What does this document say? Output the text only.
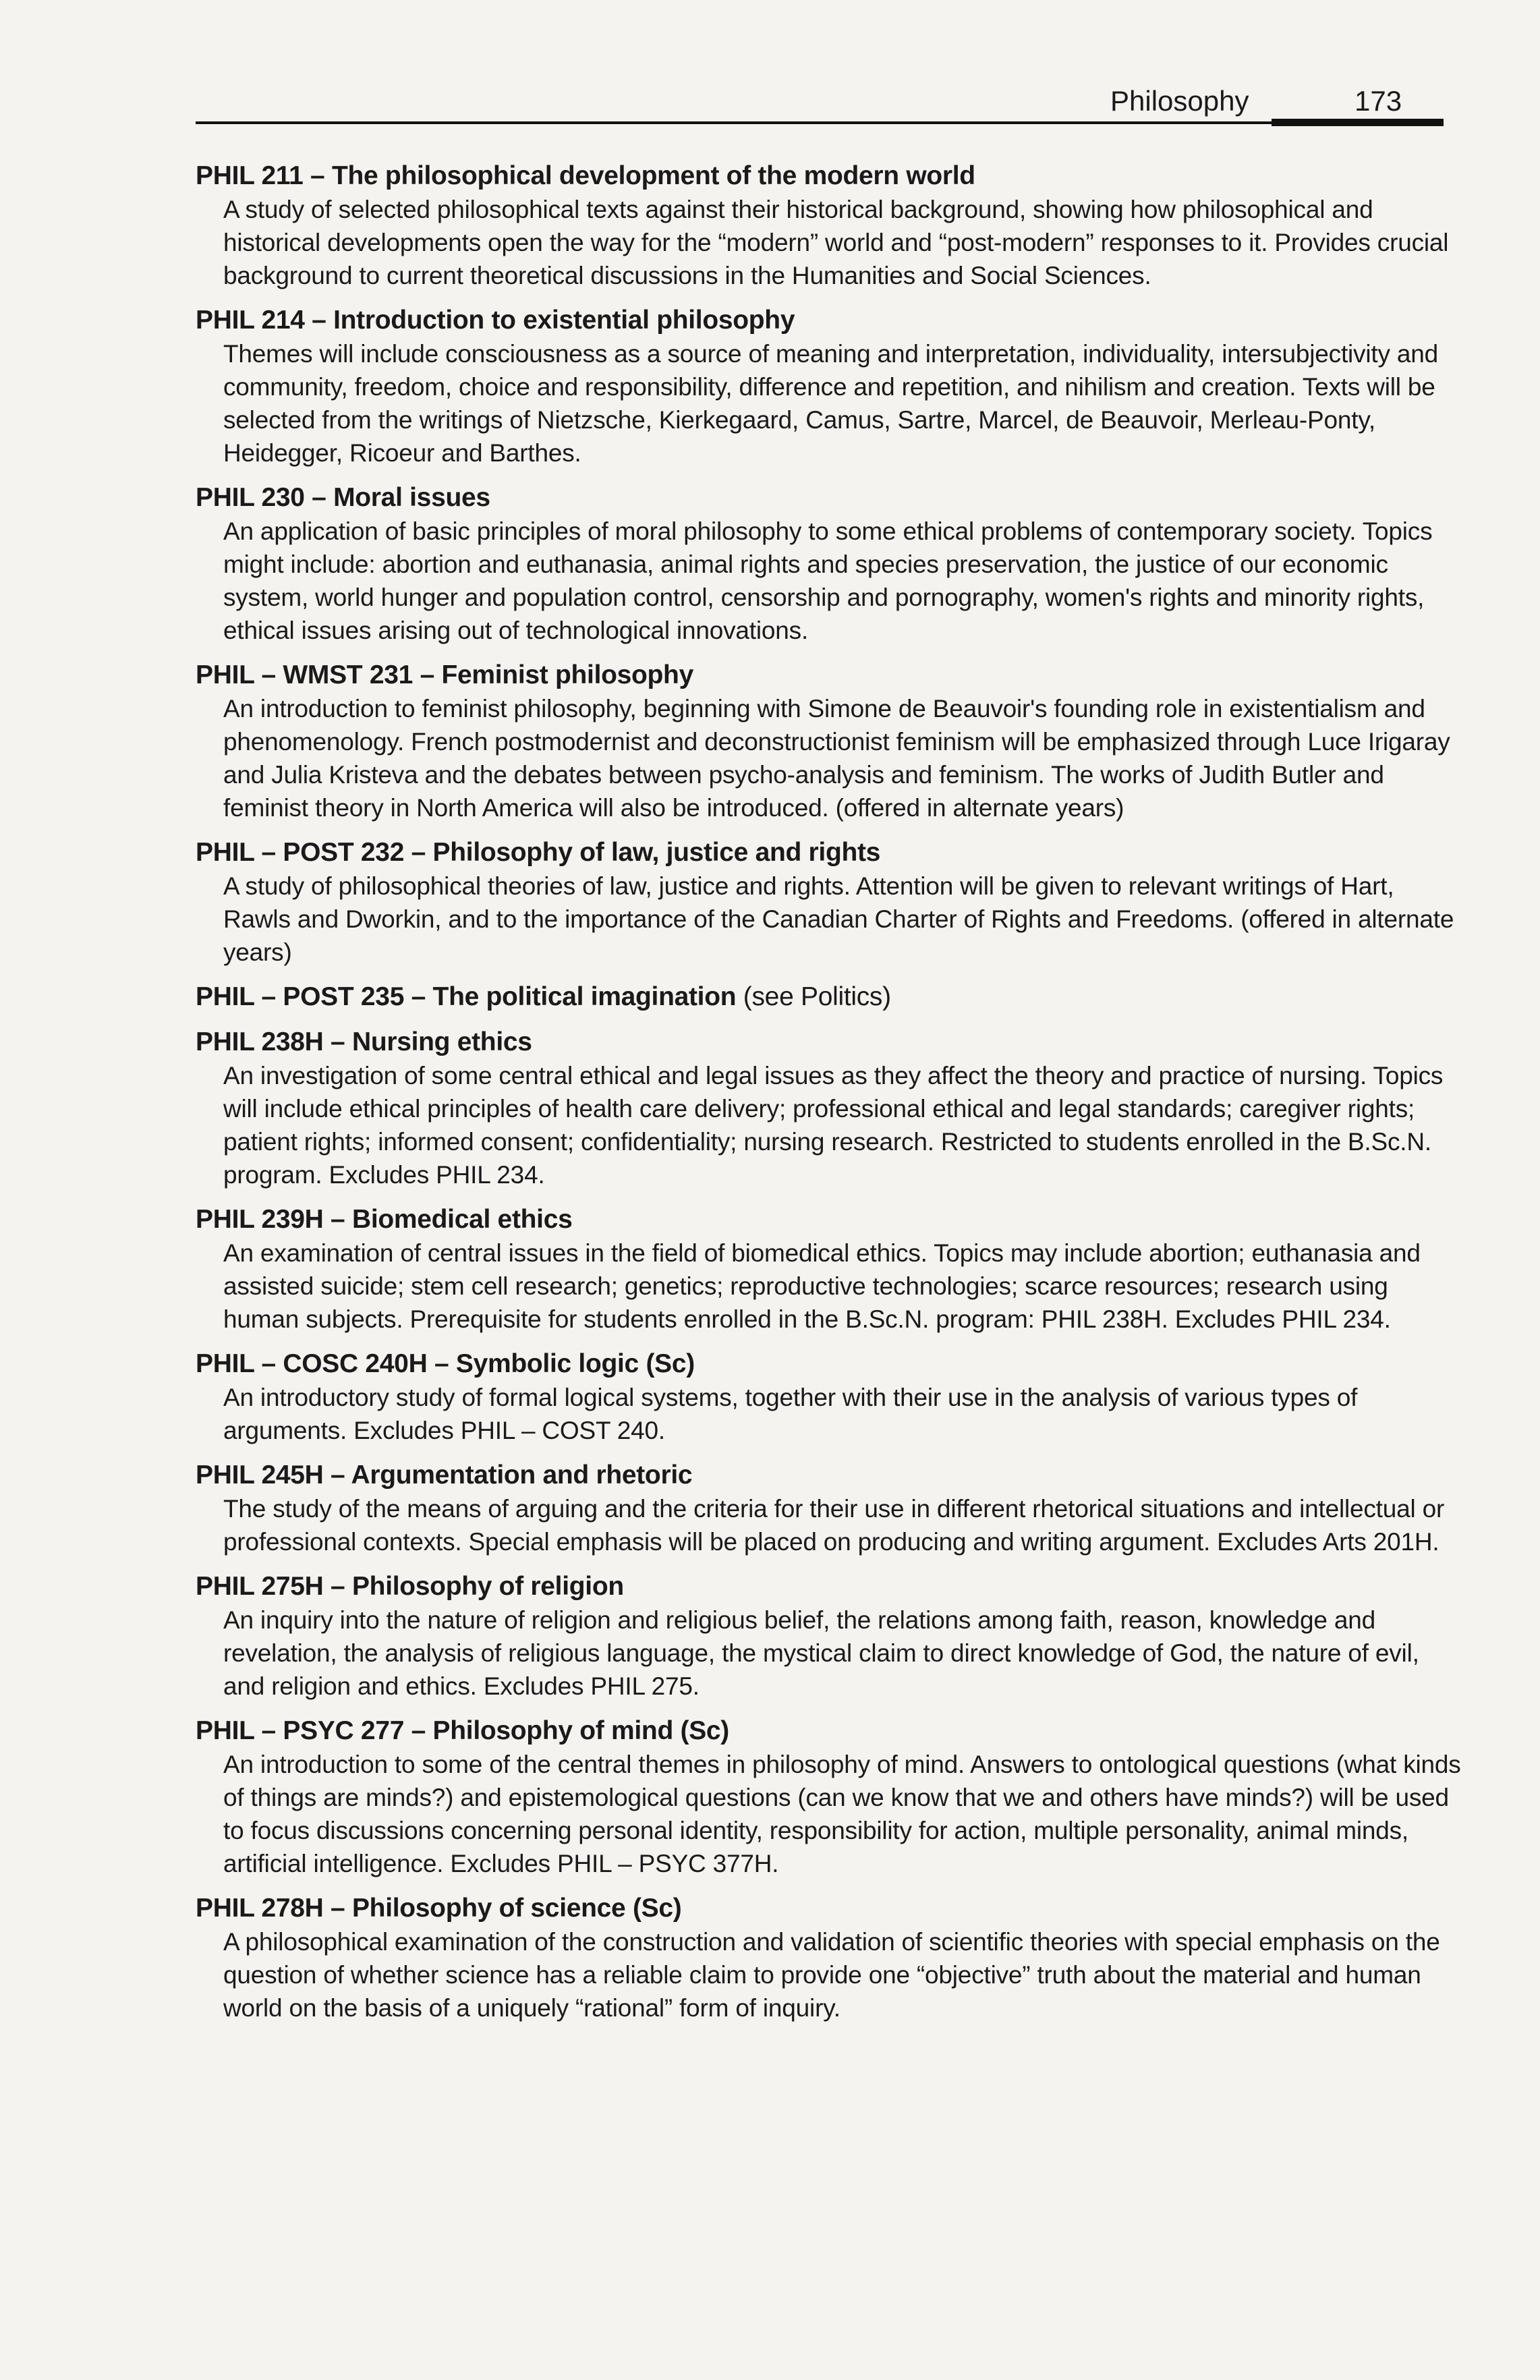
Philosophy	173
PHIL 211 – The philosophical development of the modern world
A study of selected philosophical texts against their historical background, showing how philosophical and historical developments open the way for the “modern” world and “post-modern” responses to it. Provides crucial background to current theoretical discussions in the Humanities and Social Sciences.
PHIL 214 – Introduction to existential philosophy
Themes will include consciousness as a source of meaning and interpretation, individuality, intersubjectivity and community, freedom, choice and responsibility, difference and repetition, and nihilism and creation. Texts will be selected from the writings of Nietzsche, Kierkegaard, Camus, Sartre, Marcel, de Beauvoir, Merleau-Ponty, Heidegger, Ricoeur and Barthes.
PHIL 230 – Moral issues
An application of basic principles of moral philosophy to some ethical problems of contemporary society. Topics might include: abortion and euthanasia, animal rights and species preservation, the justice of our economic system, world hunger and population control, censorship and pornography, women's rights and minority rights, ethical issues arising out of technological innovations.
PHIL – WMST 231 – Feminist philosophy
An introduction to feminist philosophy, beginning with Simone de Beauvoir's founding role in existentialism and phenomenology. French postmodernist and deconstructionist feminism will be emphasized through Luce Irigaray and Julia Kristeva and the debates between psycho-analysis and feminism. The works of Judith Butler and feminist theory in North America will also be introduced. (offered in alternate years)
PHIL – POST 232 – Philosophy of law, justice and rights
A study of philosophical theories of law, justice and rights. Attention will be given to relevant writings of Hart, Rawls and Dworkin, and to the importance of the Canadian Charter of Rights and Freedoms. (offered in alternate years)
PHIL – POST 235 – The political imagination (see Politics)
PHIL 238H – Nursing ethics
An investigation of some central ethical and legal issues as they affect the theory and practice of nursing. Topics will include ethical principles of health care delivery; professional ethical and legal standards; caregiver rights; patient rights; informed consent; confidentiality; nursing research. Restricted to students enrolled in the B.Sc.N. program. Excludes PHIL 234.
PHIL 239H – Biomedical ethics
An examination of central issues in the field of biomedical ethics. Topics may include abortion; euthanasia and assisted suicide; stem cell research; genetics; reproductive technologies; scarce resources; research using human subjects. Prerequisite for students enrolled in the B.Sc.N. program: PHIL 238H. Excludes PHIL 234.
PHIL – COSC 240H – Symbolic logic (Sc)
An introductory study of formal logical systems, together with their use in the analysis of various types of arguments. Excludes PHIL – COST 240.
PHIL 245H – Argumentation and rhetoric
The study of the means of arguing and the criteria for their use in different rhetorical situations and intellectual or professional contexts. Special emphasis will be placed on producing and writing argument. Excludes Arts 201H.
PHIL 275H – Philosophy of religion
An inquiry into the nature of religion and religious belief, the relations among faith, reason, knowledge and revelation, the analysis of religious language, the mystical claim to direct knowledge of God, the nature of evil, and religion and ethics. Excludes PHIL 275.
PHIL – PSYC 277 – Philosophy of mind (Sc)
An introduction to some of the central themes in philosophy of mind. Answers to ontological questions (what kinds of things are minds?) and epistemological questions (can we know that we and others have minds?) will be used to focus discussions concerning personal identity, responsibility for action, multiple personality, animal minds, artificial intelligence. Excludes PHIL – PSYC 377H.
PHIL 278H – Philosophy of science (Sc)
A philosophical examination of the construction and validation of scientific theories with special emphasis on the question of whether science has a reliable claim to provide one “objective” truth about the material and human world on the basis of a uniquely “rational” form of inquiry.
